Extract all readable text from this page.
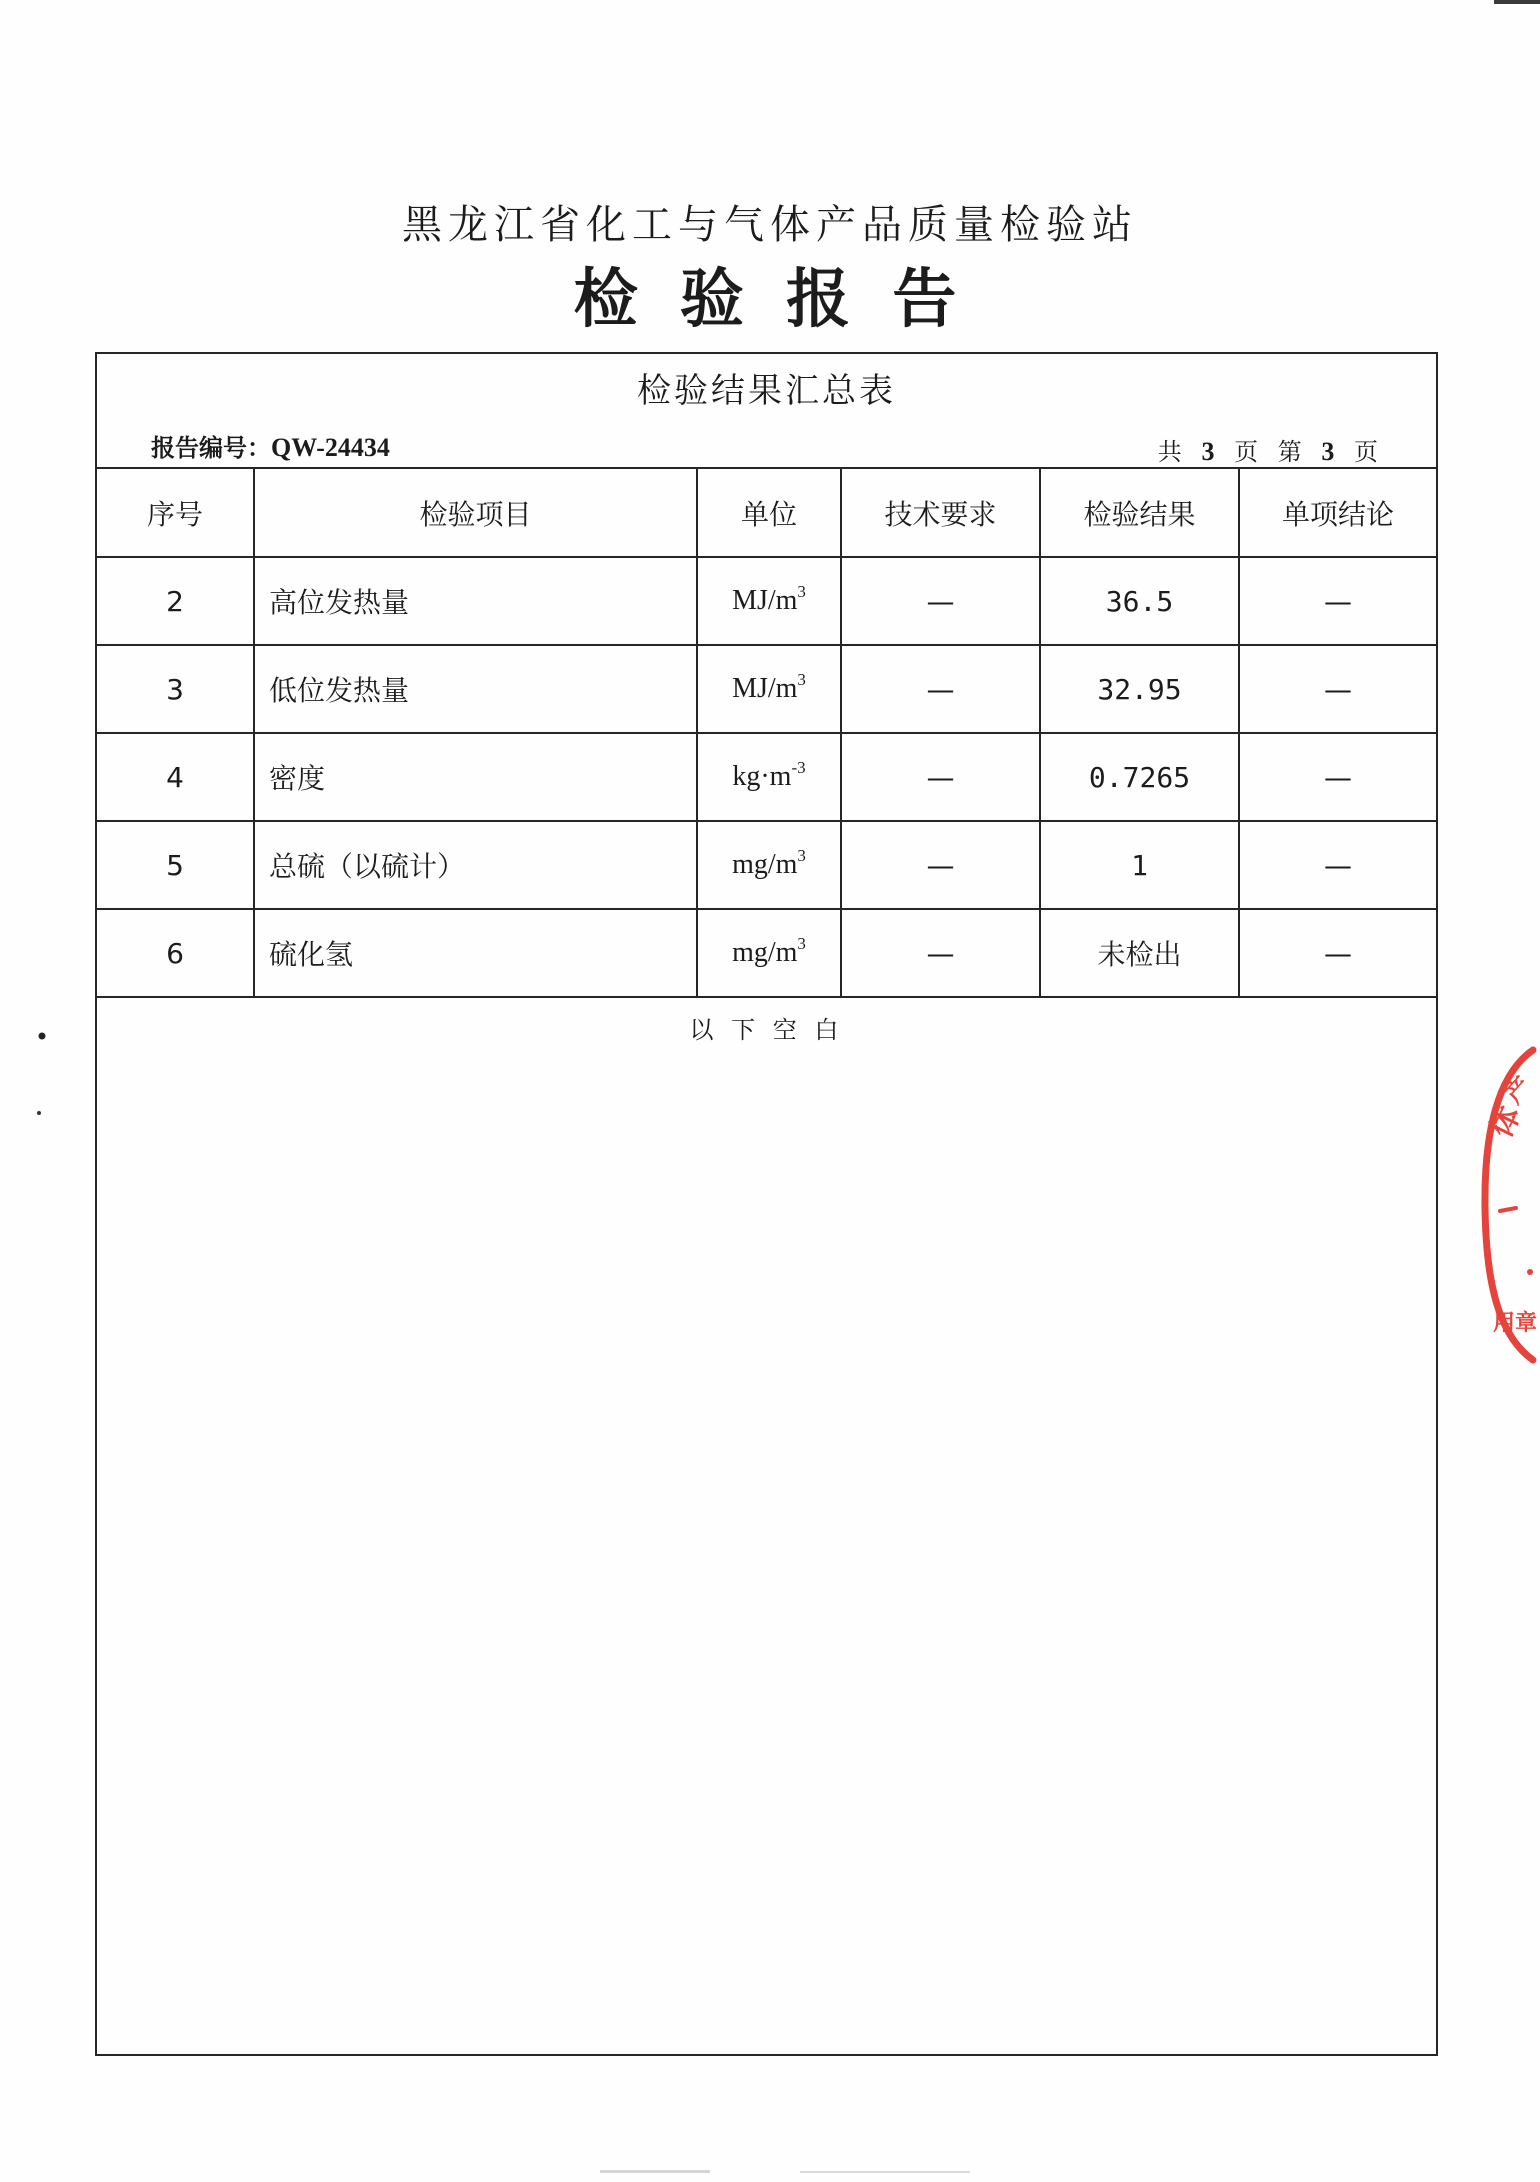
黑龙江省化工与气体产品质量检验站
检 验 报 告
检验结果汇总表
报告编号：QW-24434	共 3 页 第 3 页
序号	检验项目	单位	技术要求	检验结果	单项结论
2	高位发热量	$MJ/m^3$	—	36.5	—
3	低位发热量	$MJ/m^3$	—	32.95	—
4	密度	$kg\cdot m^{-3}$	—	0.7265	—
5	总硫（以硫计）	$mg/m^3$	—	1	—
6	硫化氢	$mg/m^3$	—	未检出	—
以 下 空 白
体
产
用章
